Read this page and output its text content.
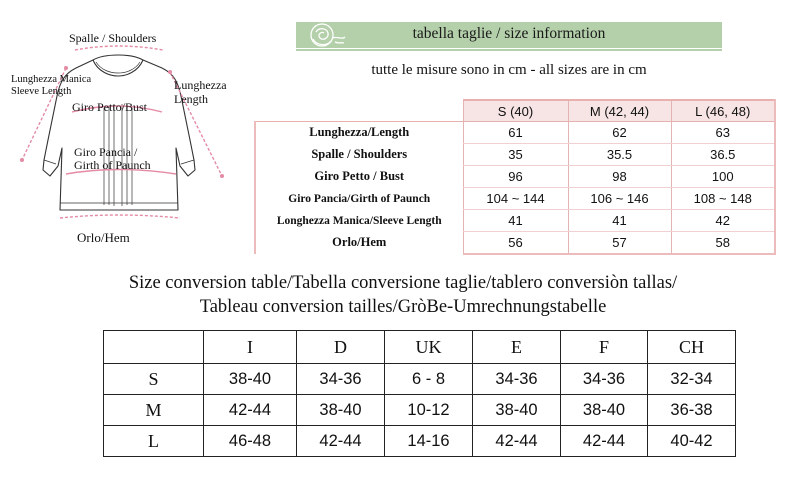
Spalle / Shoulders
Lunghezza Manica
Sleeve Length	Lunghezza
Length
Giro Petto/Bust
Giro Pancia /
Girth of Paunch
Orlo/Hem
tabella taglie / size information
tutte le misure sono in cm - all sizes are in cm
	S (40)	M (42, 44)	L (46, 48)
Lunghezza/Length	61	62	63
Spalle / Shoulders	35	35.5	36.5
Giro Petto / Bust	96	98	100
Giro Pancia/Girth of Paunch	104 ~ 144	106 ~ 146	108 ~ 148
Longhezza Manica/Sleeve Length	41	41	42
Orlo/Hem	56	57	58
Size conversion table/Tabella conversione taglie/tablero conversiòn tallas/
Tableau conversion tailles/GròBe-Umrechnungstabelle
	I	D	UK	E	F	CH
S	38-40	34-36	6 - 8	34-36	34-36	32-34
M	42-44	38-40	10-12	38-40	38-40	36-38
L	46-48	42-44	14-16	42-44	42-44	40-42
